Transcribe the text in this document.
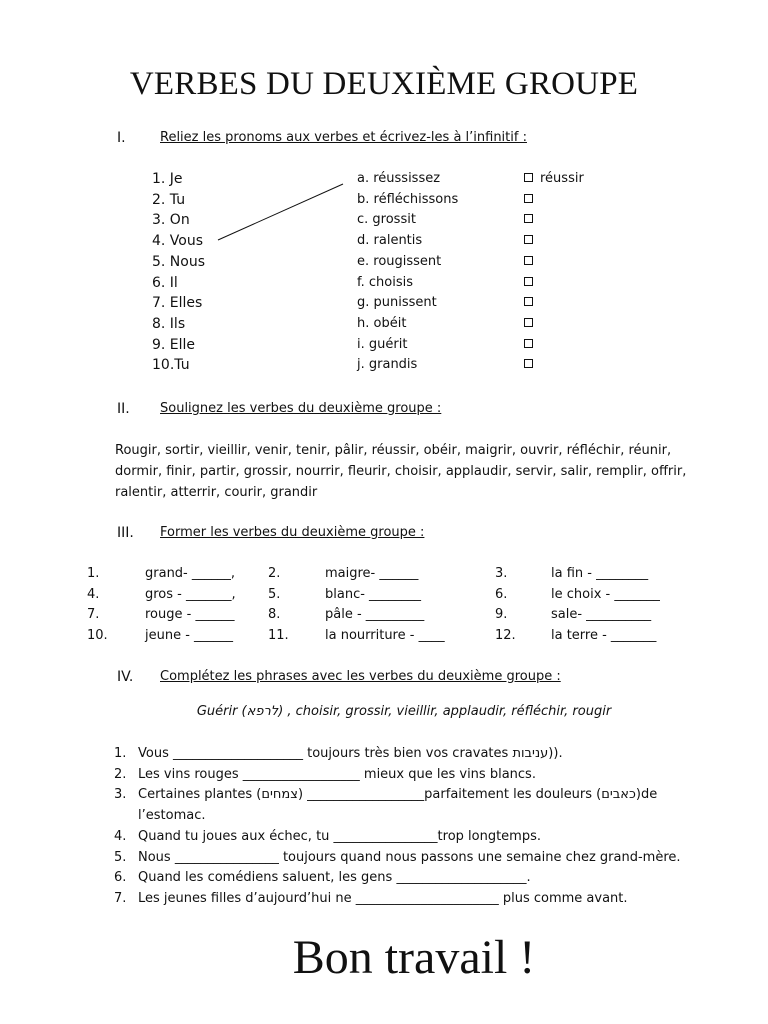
VERBES DU DEUXIÈME GROUPE
I.	Reliez les pronoms aux verbes et écrivez-les à l’infinitif :
1. Je	a. réussissez	réussir
2. Tu	b. réfléchissons
3. On	c. grossit
4. Vous	d. ralentis
5. Nous	e. rougissent
6. Il	f. choisis
7. Elles	g. punissent
8. Ils	h. obéit
9. Elle	i. guérit
10.Tu	j. grandis
II. Soulignez les verbes du deuxième groupe :
Rougir, sortir, vieillir, venir, tenir, pâlir, réussir, obéir, maigrir, ouvrir, réfléchir, réunir, dormir, finir, partir, grossir, nourrir, fleurir, choisir, applaudir, servir, salir, remplir, offrir, ralentir, atterrir, courir, grandir
III. Former les verbes du deuxième groupe :
1.	grand- ______,	2.	maigre- ______	3.	la fin - ________
4.	gros - _______, 5.	blanc- ________	6.	le choix - _______
7.	rouge - ______	8.	pâle - _________	9.	sale- __________
10.	jeune - ______	11.	la nourriture - ____	12.	la terre - _______
IV. Complétez les phrases avec les verbes du deuxième groupe :
Guérir (לרפא) , choisir, grossir, vieillir, applaudir, réfléchir, rougir
1. Vous ____________________ toujours très bien vos cravates עניבות)).
2. Les vins rouges __________________ mieux que les vins blancs.
3. Certaines plantes (צמחים) __________________parfaitement les douleurs (כאבים)de
l’estomac.
4. Quand tu joues aux échec, tu ________________trop longtemps.
5. Nous ________________ toujours quand nous passons une semaine chez grand-mère.
6. Quand les comédiens saluent, les gens ____________________.
7. Les jeunes filles d’aujourd’hui ne ______________________ plus comme avant.
Bon travail !
